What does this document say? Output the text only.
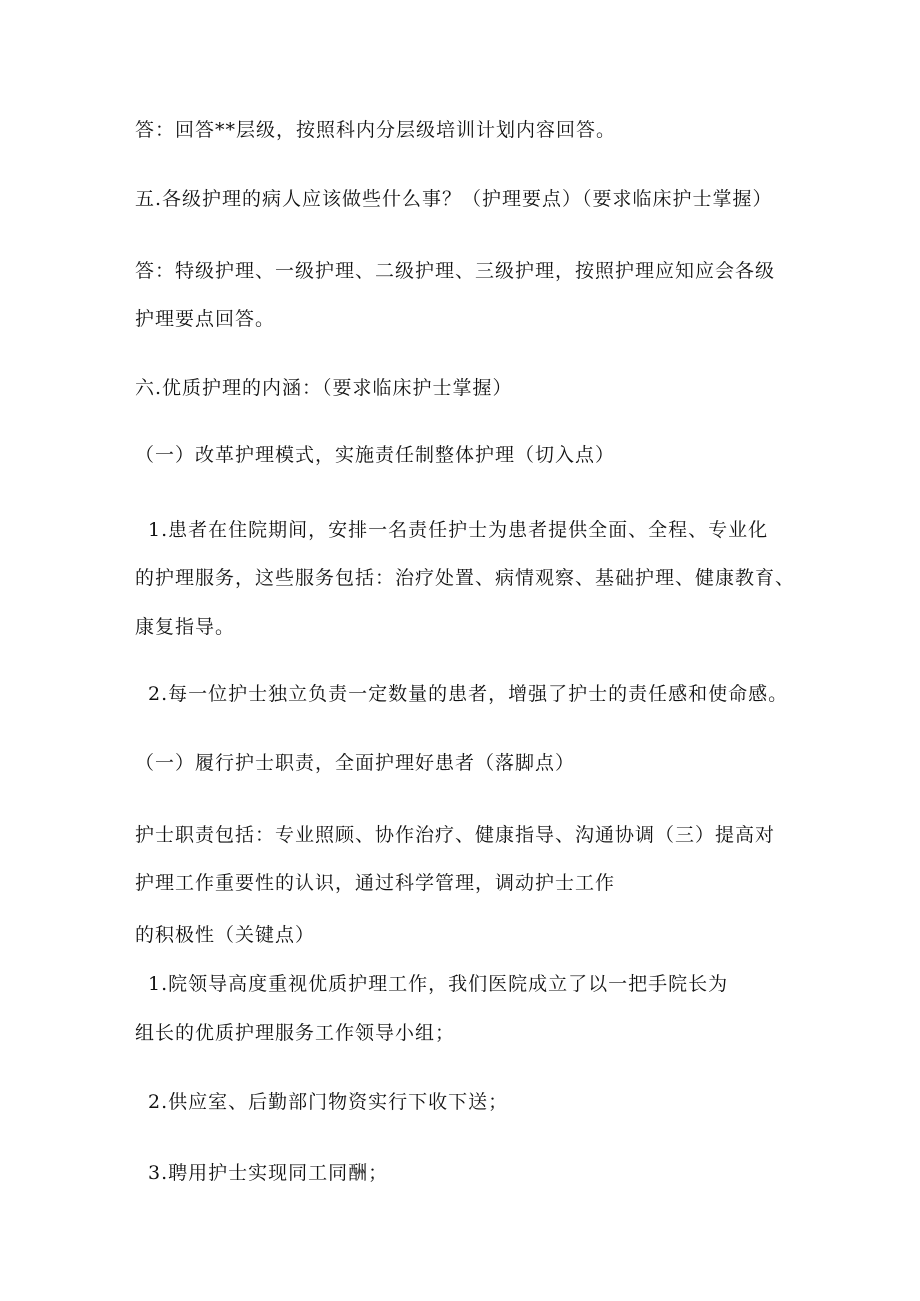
答：回答**层级，按照科内分层级培训计划内容回答。
五.各级护理的病人应该做些什么事？（护理要点）（要求临床护士掌握）
答：特级护理、一级护理、二级护理、三级护理，按照护理应知应会各级
护理要点回答。
六.优质护理的内涵：（要求临床护士掌握）
（一）改革护理模式，实施责任制整体护理（切入点）
1.患者在住院期间，安排一名责任护士为患者提供全面、全程、专业化
的护理服务，这些服务包括：治疗处置、病情观察、基础护理、健康教育、
康复指导。
2.每一位护士独立负责一定数量的患者，增强了护士的责任感和使命感。
（一）履行护士职责，全面护理好患者（落脚点）
护士职责包括：专业照顾、协作治疗、健康指导、沟通协调（三）提高对
护理工作重要性的认识，通过科学管理，调动护士工作
的积极性（关键点）
1.院领导高度重视优质护理工作，我们医院成立了以一把手院长为
组长的优质护理服务工作领导小组；
2.供应室、后勤部门物资实行下收下送；
3.聘用护士实现同工同酬；
